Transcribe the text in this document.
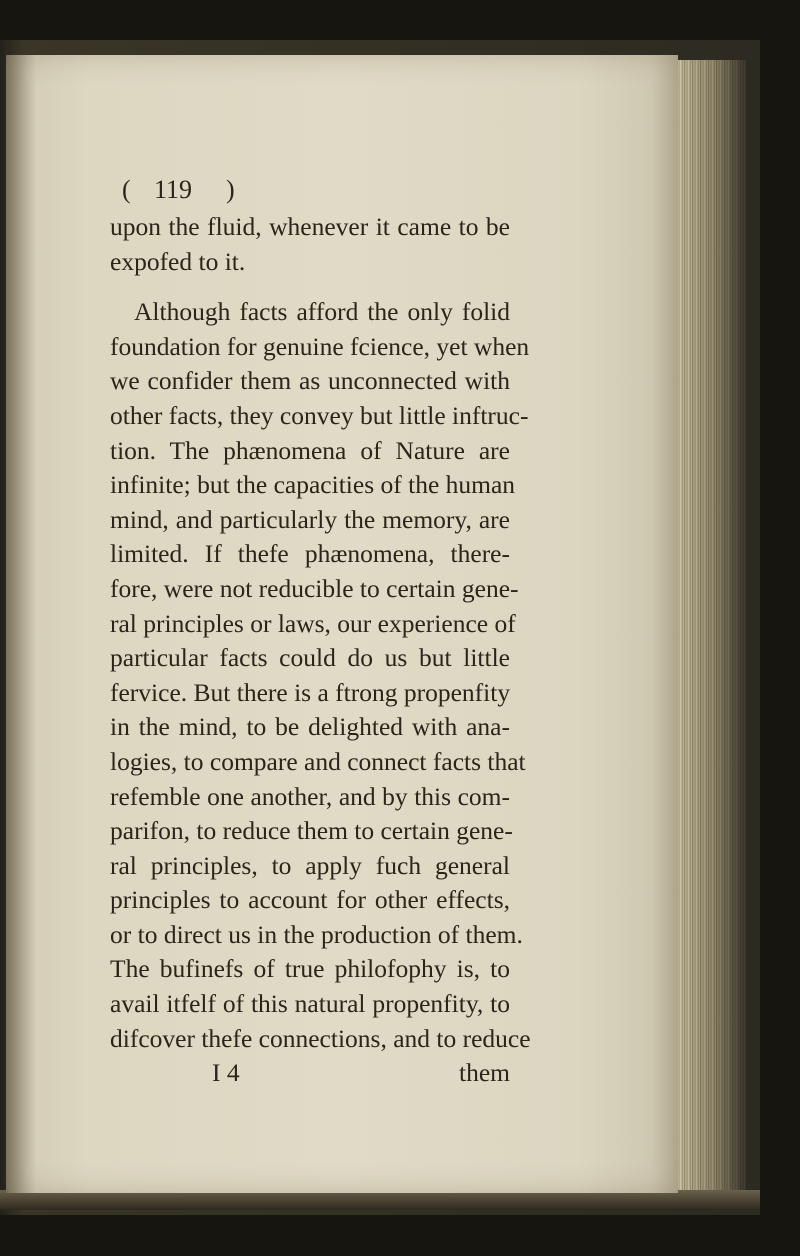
( 119 )
upon the fluid, whenever it came to be
expofed to it.
Although facts afford the only folid
foundation for genuine fcience, yet when
we confider them as unconnected with
other facts, they convey but little inftruc-
tion. The phænomena of Nature are
infinite; but the capacities of the human
mind, and particularly the memory, are
limited. If thefe phænomena, there-
fore, were not reducible to certain gene-
ral principles or laws, our experience of
particular facts could do us but little
fervice. But there is a ftrong propenfity
in the mind, to be delighted with ana-
logies, to compare and connect facts that
refemble one another, and by this com-
parifon, to reduce them to certain gene-
ral principles, to apply fuch general
principles to account for other effects,
or to direct us in the production of them.
The bufinefs of true philofophy is, to
avail itfelf of this natural propenfity, to
difcover thefe connections, and to reduce
I 4	them
